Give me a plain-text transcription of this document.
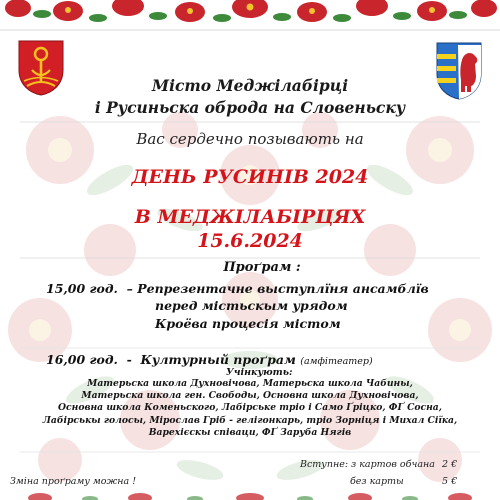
Місто Меджілабірці
і Русиньска оброда на Словеньску
Вас сердечно позывають на
ДЕНЬ РУСИНІВ 2024
В МЕДЖІЛАБІРЦЯХ
15.6.2024
Проґрам :
15,00 год. – Репрезентачне выступлїня ансамблїв
перед містьскым урядом
Кроёва процесія містом
16,00 год. - Културный проґрам (амфітеатер)
Учінкують:
Матерьска школа Духновічова, Матерьска школа Чабины,
Матерьска школа ген. Свободы, Основна школа Духновічова,
Основна школа Коменьского, Лабірське тріо і Само Ґріцко, ФҐ Сосна,
Лабірськы голосы, Мірослав Гріб - гелігонкарь, тріо Зорніця і Михал Сіїка,
Варехієскы співаци, ФҐ Заруба Нягів
Вступне: з картов обчана 2 €
Зміна проґраму можна !	без карты	5 €
